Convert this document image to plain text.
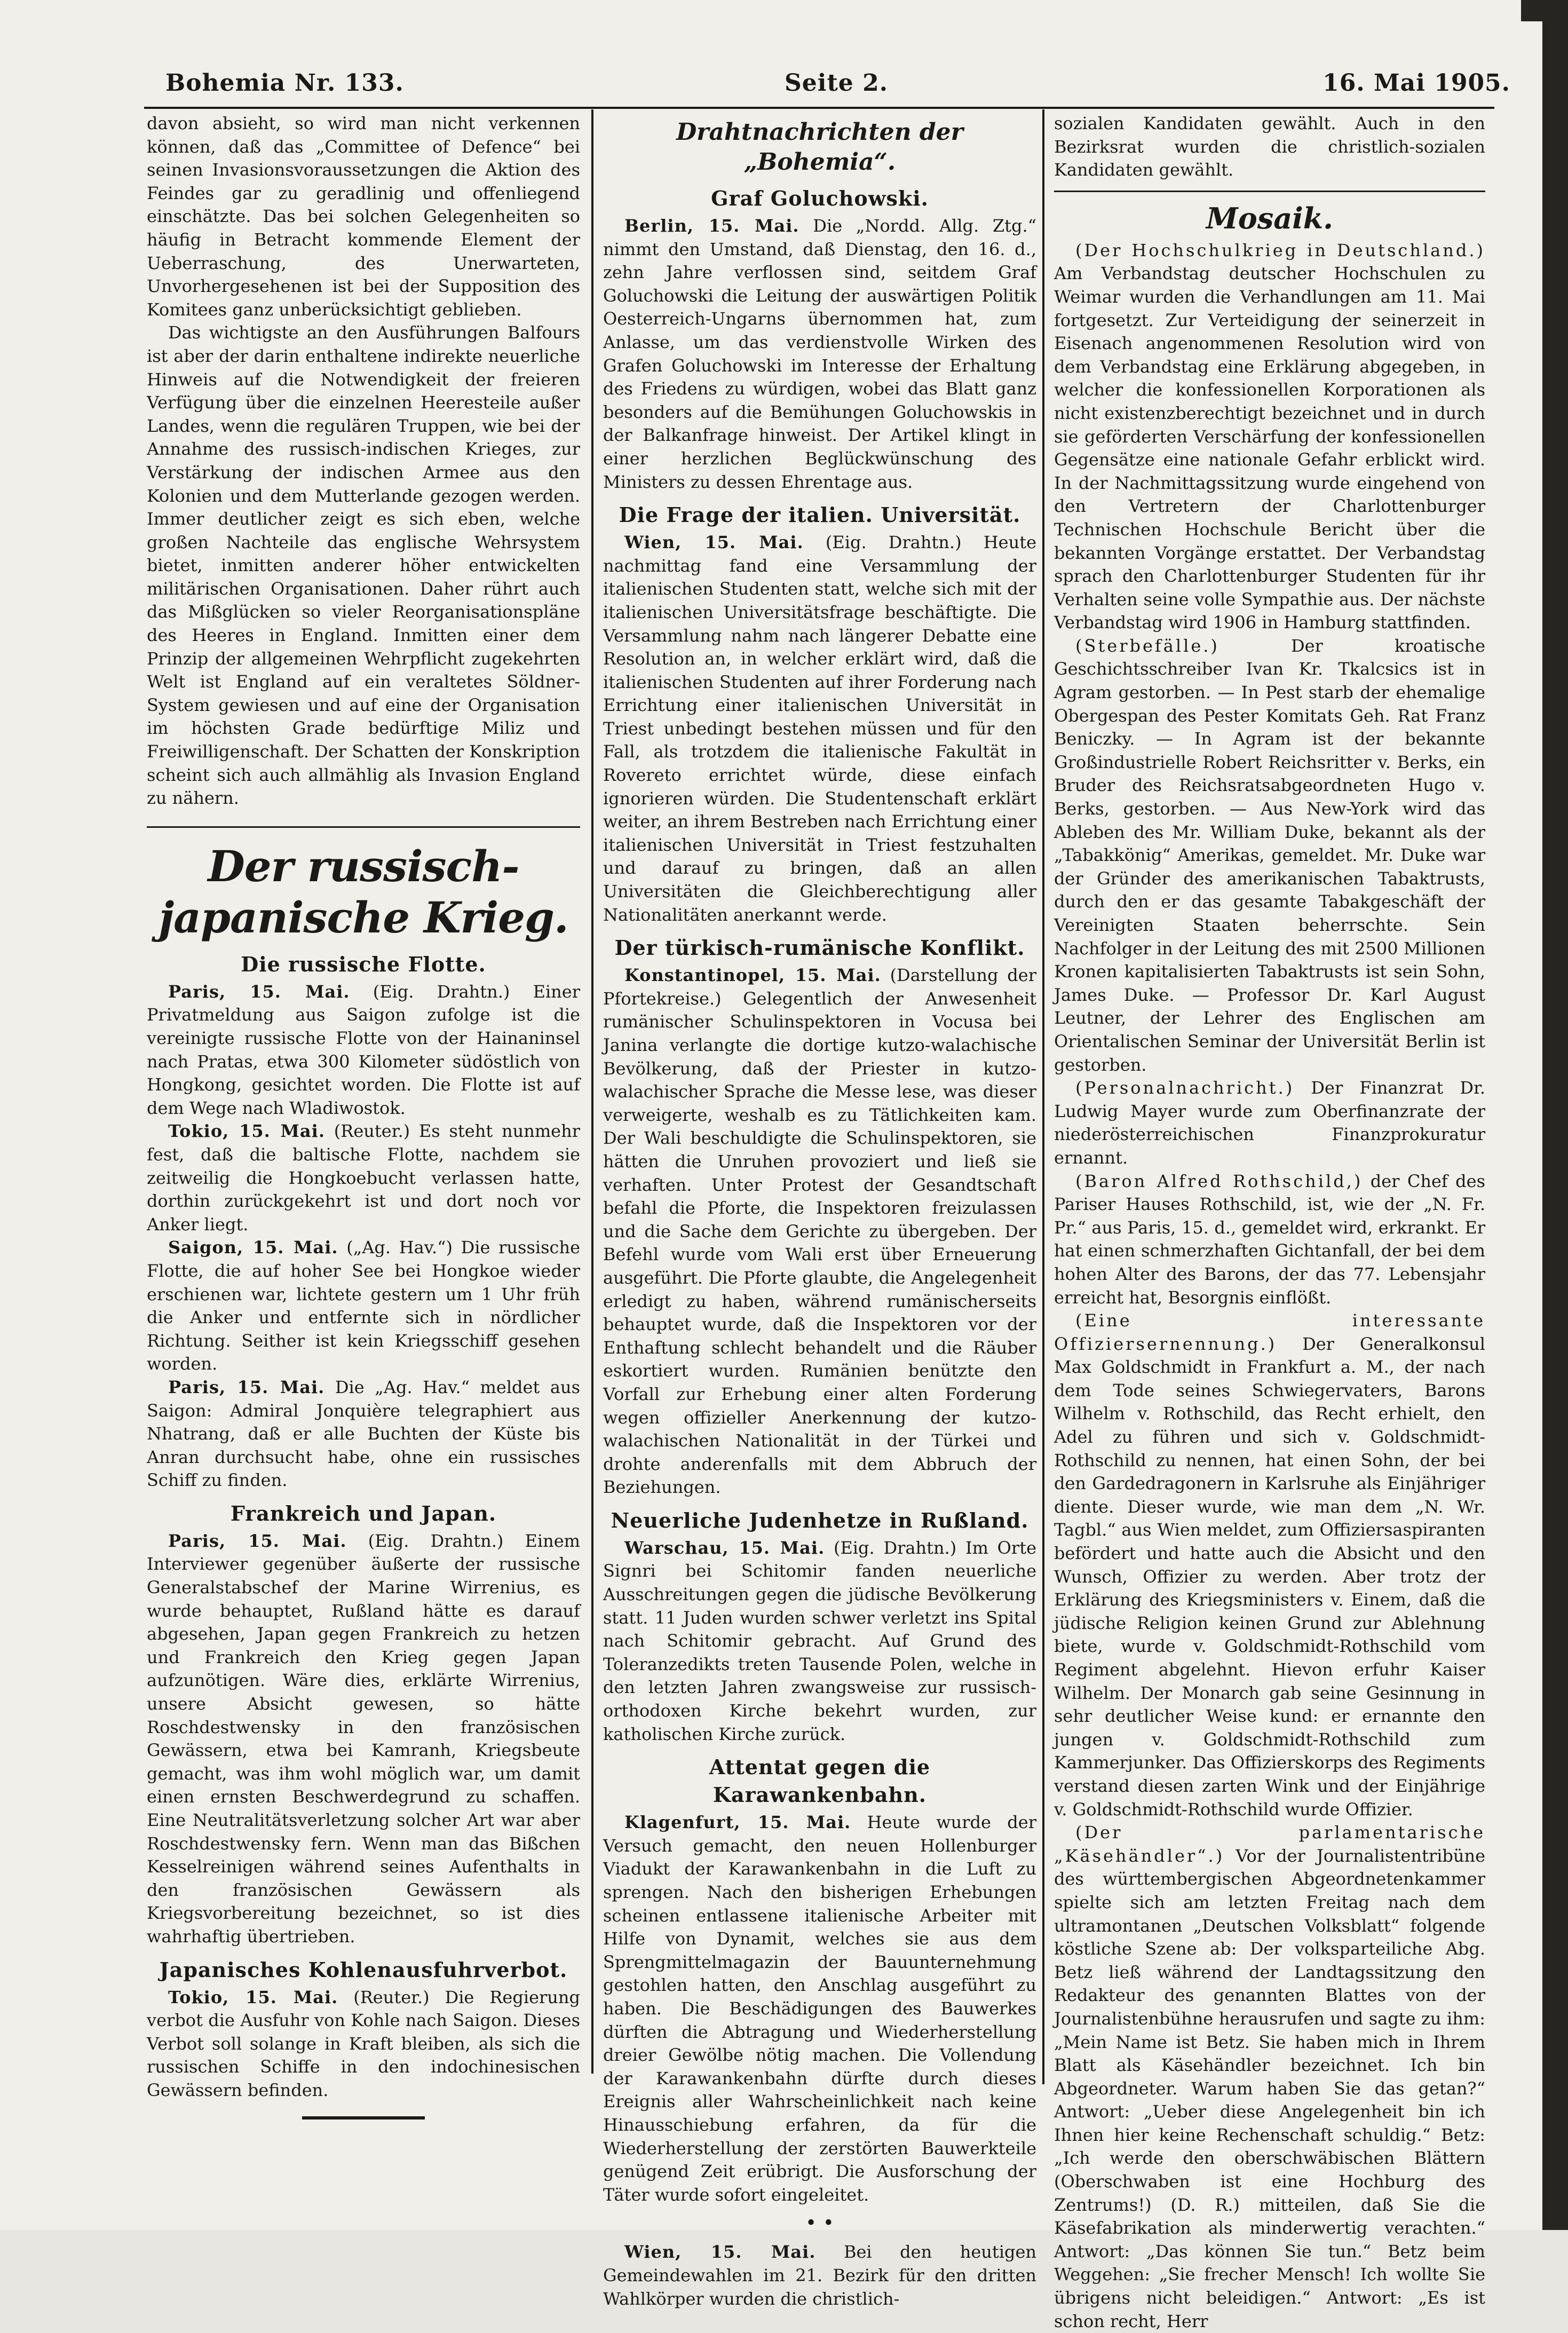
Bohemia Nr. 133.	Seite 2.	16. Mai 1905.

davon absieht, so wird man nicht verkennen können, daß das „Committee of Defence“ bei seinen Invasionsvoraussetzungen die Aktion des Feindes gar zu geradlinig und offenliegend einschätzte. Das bei solchen Gelegenheiten so häufig in Betracht kommende Element der Ueberraschung, des Unerwarteten, Unvorhergesehenen ist bei der Supposition des Komitees ganz unberücksichtigt geblieben.

Das wichtigste an den Ausführungen Balfours ist aber der darin enthaltene indirekte neuerliche Hinweis auf die Notwendigkeit der freieren Verfügung über die einzelnen Heeresteile außer Landes, wenn die regulären Truppen, wie bei der Annahme des russisch-indischen Krieges, zur Verstärkung der indischen Armee aus den Kolonien und dem Mutterlande gezogen werden. Immer deutlicher zeigt es sich eben, welche großen Nachteile das englische Wehrsystem bietet, inmitten anderer höher entwickelten militärischen Organisationen. Daher rührt auch das Mißglücken so vieler Reorganisationspläne des Heeres in England. Inmitten einer dem Prinzip der allgemeinen Wehrpflicht zugekehrten Welt ist England auf ein veraltetes Söldner-System gewiesen und auf eine der Organisation im höchsten Grade bedürftige Miliz und Freiwilligenschaft. Der Schatten der Konskription scheint sich auch allmählig als Invasion England zu nähern.

Der russisch-japanische Krieg.
Die russische Flotte.

Paris, 15. Mai. (Eig. Drahtn.) Einer Privatmeldung aus Saigon zufolge ist die vereinigte russische Flotte von der Hainaninsel nach Pratas, etwa 300 Kilometer südöstlich von Hongkong, gesichtet worden. Die Flotte ist auf dem Wege nach Wladiwostok.

Tokio, 15. Mai. (Reuter.) Es steht nunmehr fest, daß die baltische Flotte, nachdem sie zeitweilig die Hongkoebucht verlassen hatte, dorthin zurückgekehrt ist und dort noch vor Anker liegt.

Saigon, 15. Mai. („Ag. Hav.“) Die russische Flotte, die auf hoher See bei Hongkoe wieder erschienen war, lichtete gestern um 1 Uhr früh die Anker und entfernte sich in nördlicher Richtung. Seither ist kein Kriegsschiff gesehen worden.

Paris, 15. Mai. Die „Ag. Hav.“ meldet aus Saigon: Admiral Jonquière telegraphiert aus Nhatrang, daß er alle Buchten der Küste bis Anran durchsucht habe, ohne ein russisches Schiff zu finden.

Frankreich und Japan.

Paris, 15. Mai. (Eig. Drahtn.) Einem Interviewer gegenüber äußerte der russische Generalstabschef der Marine Wirrenius, es wurde behauptet, Rußland hätte es darauf abgesehen, Japan gegen Frankreich zu hetzen und Frankreich den Krieg gegen Japan aufzunötigen. Wäre dies, erklärte Wirrenius, unsere Absicht gewesen, so hätte Roschdestwensky in den französischen Gewässern, etwa bei Kamranh, Kriegsbeute gemacht, was ihm wohl möglich war, um damit einen ernsten Beschwerdegrund zu schaffen. Eine Neutralitätsverletzung solcher Art war aber Roschdestwensky fern. Wenn man das Bißchen Kesselreinigen während seines Aufenthalts in den französischen Gewässern als Kriegsvorbereitung bezeichnet, so ist dies wahrhaftig übertrieben.

Japanisches Kohlenausfuhrverbot.

Tokio, 15. Mai. (Reuter.) Die Regierung verbot die Ausfuhr von Kohle nach Saigon. Dieses Verbot soll solange in Kraft bleiben, als sich die russischen Schiffe in den indochinesischen Gewässern befinden.

Drahtnachrichten der „Bohemia“.
Graf Goluchowski.

Berlin, 15. Mai. Die „Nordd. Allg. Ztg.“ nimmt den Umstand, daß Dienstag, den 16. d., zehn Jahre verflossen sind, seitdem Graf Goluchowski die Leitung der auswärtigen Politik Oesterreich-Ungarns übernommen hat, zum Anlasse, um das verdienstvolle Wirken des Grafen Goluchowski im Interesse der Erhaltung des Friedens zu würdigen, wobei das Blatt ganz besonders auf die Bemühungen Goluchowskis in der Balkanfrage hinweist. Der Artikel klingt in einer herzlichen Beglückwünschung des Ministers zu dessen Ehrentage aus.

Die Frage der italien. Universität.

Wien, 15. Mai. (Eig. Drahtn.) Heute nachmittag fand eine Versammlung der italienischen Studenten statt, welche sich mit der italienischen Universitätsfrage beschäftigte. Die Versammlung nahm nach längerer Debatte eine Resolution an, in welcher erklärt wird, daß die italienischen Studenten auf ihrer Forderung nach Errichtung einer italienischen Universität in Triest unbedingt bestehen müssen und für den Fall, als trotzdem die italienische Fakultät in Rovereto errichtet würde, diese einfach ignorieren würden. Die Studentenschaft erklärt weiter, an ihrem Bestreben nach Errichtung einer italienischen Universität in Triest festzuhalten und darauf zu bringen, daß an allen Universitäten die Gleichberechtigung aller Nationalitäten anerkannt werde.

Der türkisch-rumänische Konflikt.

Konstantinopel, 15. Mai. (Darstellung der Pfortekreise.) Gelegentlich der Anwesenheit rumänischer Schulinspektoren in Vocusa bei Janina verlangte die dortige kutzo-walachische Bevölkerung, daß der Priester in kutzo-walachischer Sprache die Messe lese, was dieser verweigerte, weshalb es zu Tätlichkeiten kam. Der Wali beschuldigte die Schulinspektoren, sie hätten die Unruhen provoziert und ließ sie verhaften. Unter Protest der Gesandtschaft befahl die Pforte, die Inspektoren freizulassen und die Sache dem Gerichte zu übergeben. Der Befehl wurde vom Wali erst über Erneuerung ausgeführt. Die Pforte glaubte, die Angelegenheit erledigt zu haben, während rumänischerseits behauptet wurde, daß die Inspektoren vor der Enthaftung schlecht behandelt und die Räuber eskortiert wurden. Rumänien benützte den Vorfall zur Erhebung einer alten Forderung wegen offizieller Anerkennung der kutzo-walachischen Nationalität in der Türkei und drohte anderenfalls mit dem Abbruch der Beziehungen.

Neuerliche Judenhetze in Rußland.

Warschau, 15. Mai. (Eig. Drahtn.) Im Orte Signri bei Schitomir fanden neuerliche Ausschreitungen gegen die jüdische Bevölkerung statt. 11 Juden wurden schwer verletzt ins Spital nach Schitomir gebracht. Auf Grund des Toleranzedikts treten Tausende Polen, welche in den letzten Jahren zwangsweise zur russisch-orthodoxen Kirche bekehrt wurden, zur katholischen Kirche zurück.

Attentat gegen die Karawankenbahn.

Klagenfurt, 15. Mai. Heute wurde der Versuch gemacht, den neuen Hollenburger Viadukt der Karawankenbahn in die Luft zu sprengen. Nach den bisherigen Erhebungen scheinen entlassene italienische Arbeiter mit Hilfe von Dynamit, welches sie aus dem Sprengmittelmagazin der Bauunternehmung gestohlen hatten, den Anschlag ausgeführt zu haben. Die Beschädigungen des Bauwerkes dürften die Abtragung und Wiederherstellung dreier Gewölbe nötig machen. Die Vollendung der Karawankenbahn dürfte durch dieses Ereignis aller Wahrscheinlichkeit nach keine Hinausschiebung erfahren, da für die Wiederherstellung der zerstörten Bauwerkteile genügend Zeit erübrigt. Die Ausforschung der Täter wurde sofort eingeleitet.

• •

Wien, 15. Mai. Bei den heutigen Gemeindewahlen im 21. Bezirk für den dritten Wahlkörper wurden die christlich-

sozialen Kandidaten gewählt. Auch in den Bezirksrat wurden die christlich-sozialen Kandidaten gewählt.

Mosaik.

(Der Hochschulkrieg in Deutschland.) Am Verbandstag deutscher Hochschulen zu Weimar wurden die Verhandlungen am 11. Mai fortgesetzt. Zur Verteidigung der seinerzeit in Eisenach angenommenen Resolution wird von dem Verbandstag eine Erklärung abgegeben, in welcher die konfessionellen Korporationen als nicht existenzberechtigt bezeichnet und in durch sie geförderten Verschärfung der konfessionellen Gegensätze eine nationale Gefahr erblickt wird. In der Nachmittagssitzung wurde eingehend von den Vertretern der Charlottenburger Technischen Hochschule Bericht über die bekannten Vorgänge erstattet. Der Verbandstag sprach den Charlottenburger Studenten für ihr Verhalten seine volle Sympathie aus. Der nächste Verbandstag wird 1906 in Hamburg stattfinden.

(Sterbefälle.) Der kroatische Geschichtsschreiber Ivan Kr. Tkalcsics ist in Agram gestorben. — In Pest starb der ehemalige Obergespan des Pester Komitats Geh. Rat Franz Beniczky. — In Agram ist der bekannte Großindustrielle Robert Reichsritter v. Berks, ein Bruder des Reichsratsabgeordneten Hugo v. Berks, gestorben. — Aus New-York wird das Ableben des Mr. William Duke, bekannt als der „Tabakkönig“ Amerikas, gemeldet. Mr. Duke war der Gründer des amerikanischen Tabaktrusts, durch den er das gesamte Tabakgeschäft der Vereinigten Staaten beherrschte. Sein Nachfolger in der Leitung des mit 2500 Millionen Kronen kapitalisierten Tabaktrusts ist sein Sohn, James Duke. — Professor Dr. Karl August Leutner, der Lehrer des Englischen am Orientalischen Seminar der Universität Berlin ist gestorben.

(Personalnachricht.) Der Finanzrat Dr. Ludwig Mayer wurde zum Oberfinanzrate der niederösterreichischen Finanzprokuratur ernannt.

(Baron Alfred Rothschild,) der Chef des Pariser Hauses Rothschild, ist, wie der „N. Fr. Pr.“ aus Paris, 15. d., gemeldet wird, erkrankt. Er hat einen schmerzhaften Gichtanfall, der bei dem hohen Alter des Barons, der das 77. Lebensjahr erreicht hat, Besorgnis einflößt.

(Eine interessante Offiziersernennung.) Der Generalkonsul Max Goldschmidt in Frankfurt a. M., der nach dem Tode seines Schwiegervaters, Barons Wilhelm v. Rothschild, das Recht erhielt, den Adel zu führen und sich v. Goldschmidt-Rothschild zu nennen, hat einen Sohn, der bei den Gardedragonern in Karlsruhe als Einjähriger diente. Dieser wurde, wie man dem „N. Wr. Tagbl.“ aus Wien meldet, zum Offiziersaspiranten befördert und hatte auch die Absicht und den Wunsch, Offizier zu werden. Aber trotz der Erklärung des Kriegsministers v. Einem, daß die jüdische Religion keinen Grund zur Ablehnung biete, wurde v. Goldschmidt-Rothschild vom Regiment abgelehnt. Hievon erfuhr Kaiser Wilhelm. Der Monarch gab seine Gesinnung in sehr deutlicher Weise kund: er ernannte den jungen v. Goldschmidt-Rothschild zum Kammerjunker. Das Offizierskorps des Regiments verstand diesen zarten Wink und der Einjährige v. Goldschmidt-Rothschild wurde Offizier.

(Der parlamentarische „Käsehändler“.) Vor der Journalistentribüne des württembergischen Abgeordnetenkammer spielte sich am letzten Freitag nach dem ultramontanen „Deutschen Volksblatt“ folgende köstliche Szene ab: Der volksparteiliche Abg. Betz ließ während der Landtagssitzung den Redakteur des genannten Blattes von der Journalistenbühne herausrufen und sagte zu ihm: „Mein Name ist Betz. Sie haben mich in Ihrem Blatt als Käsehändler bezeichnet. Ich bin Abgeordneter. Warum haben Sie das getan?“ Antwort: „Ueber diese Angelegenheit bin ich Ihnen hier keine Rechenschaft schuldig.“ Betz: „Ich werde den oberschwäbischen Blättern (Oberschwaben ist eine Hochburg des Zentrums!) (D. R.) mitteilen, daß Sie die Käsefabrikation als minderwertig verachten.“ Antwort: „Das können Sie tun.“ Betz beim Weggehen: „Sie frecher Mensch! Ich wollte Sie übrigens nicht beleidigen.“ Antwort: „Es ist schon recht, Herr
